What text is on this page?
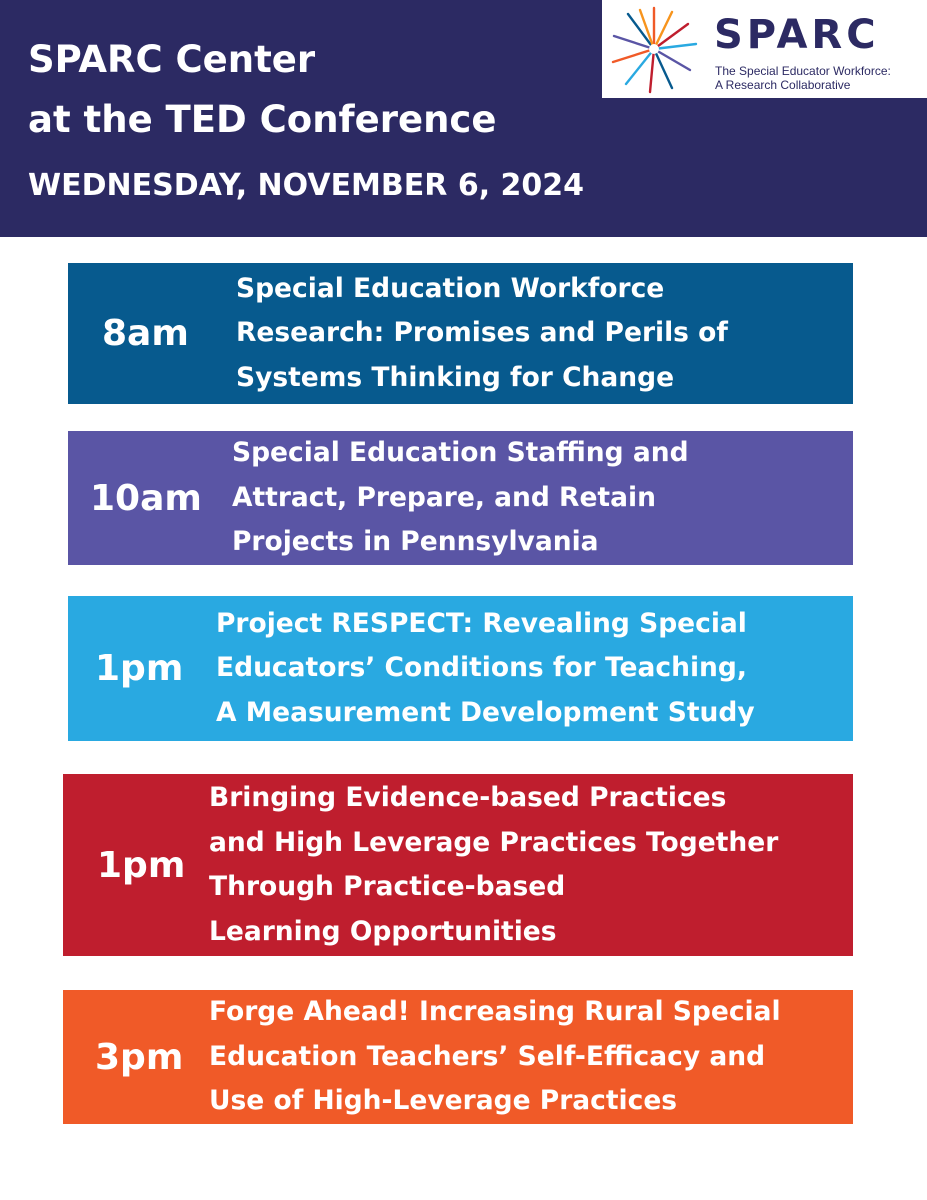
SPARC Center
at the TED Conference
WEDNESDAY, NOVEMBER 6, 2024

SPARC

The Special Educator Workforce:
A Research Collaborative

8am
Special Education Workforce
Research: Promises and Perils of
Systems Thinking for Change
10am
Special Education Staffing and
Attract, Prepare, and Retain
Projects in Pennsylvania
1pm
Project RESPECT: Revealing Special
Educators’ Conditions for Teaching,
A Measurement Development Study
1pm
Bringing Evidence-based Practices
and High Leverage Practices Together
Through Practice-based
Learning Opportunities
3pm
Forge Ahead! Increasing Rural Special
Education Teachers’ Self-Efficacy and
Use of High-Leverage Practices
